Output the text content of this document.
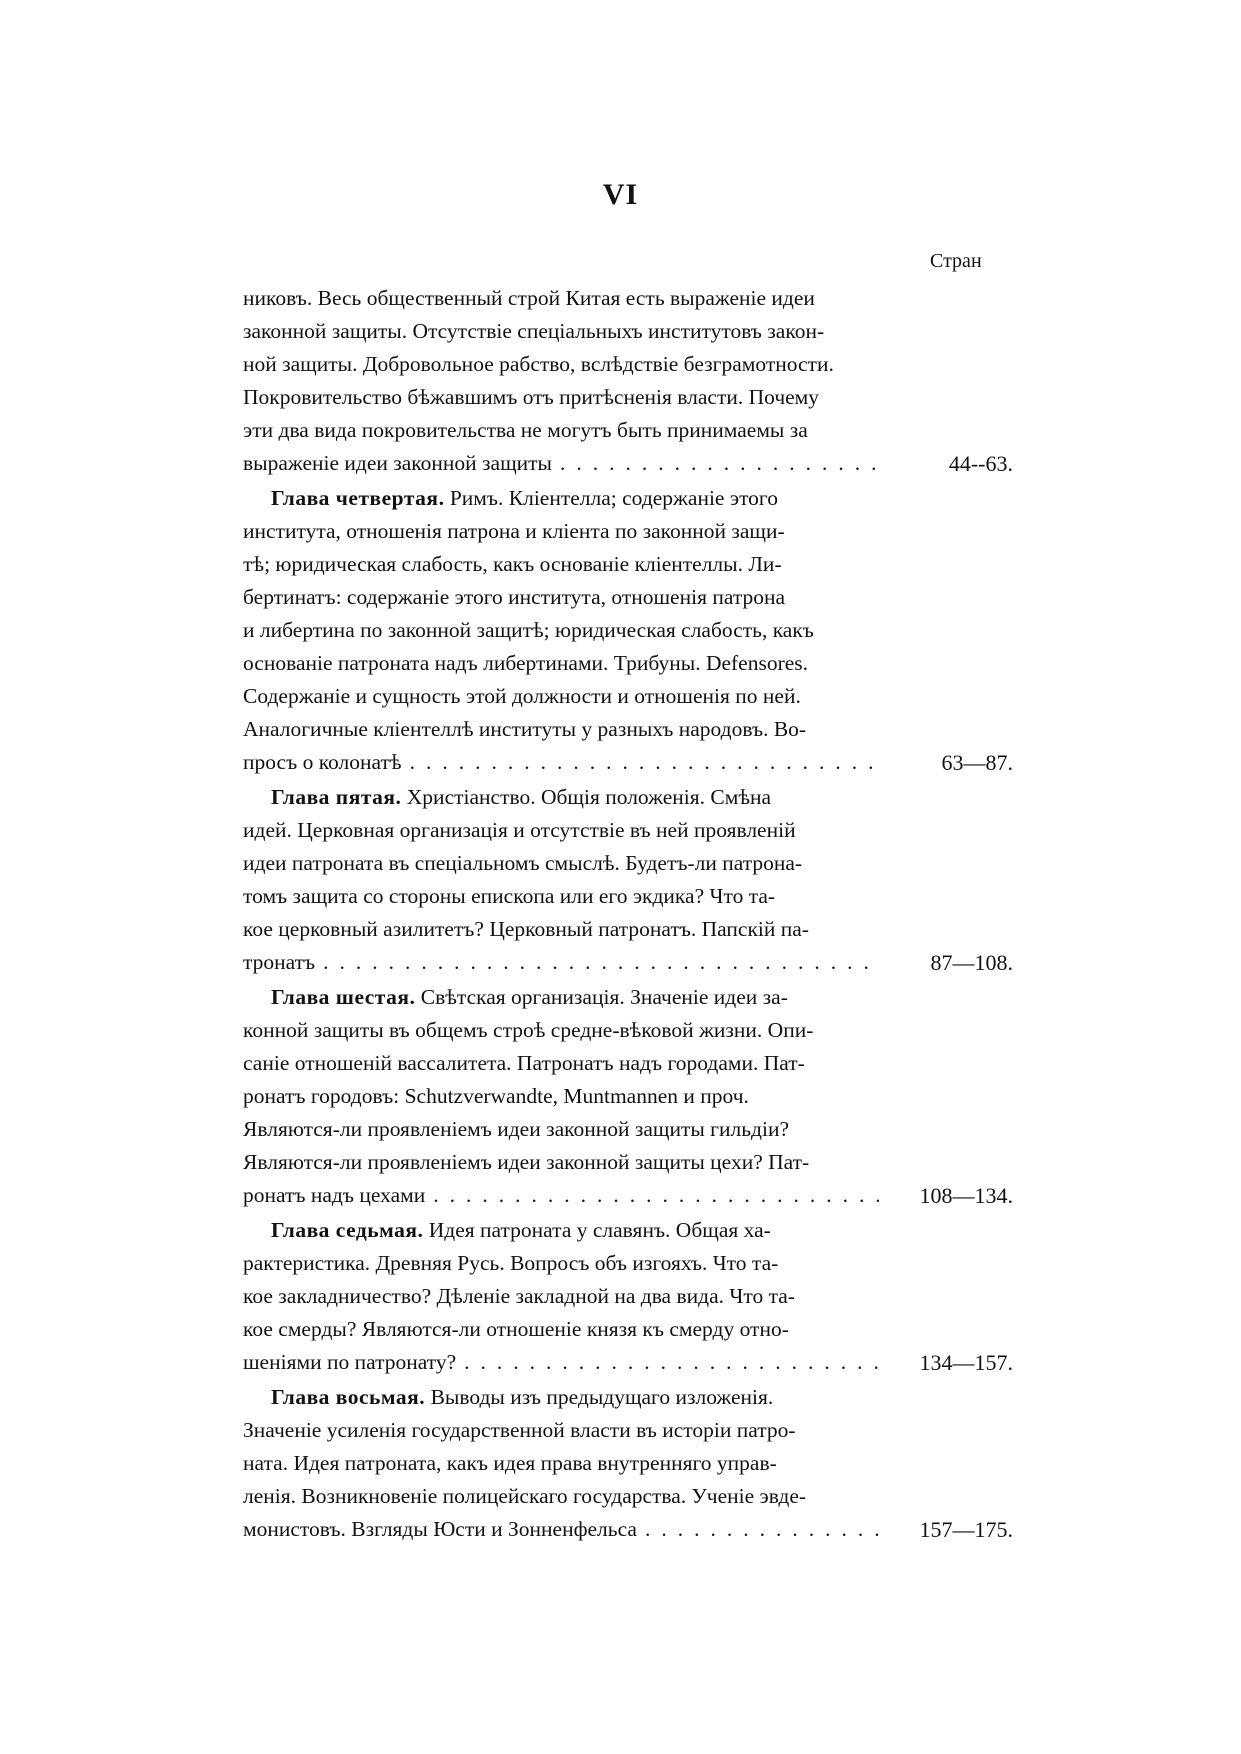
VI
Стран
никовъ. Весь общественный строй Китая есть выраженіе идеи
законной защиты. Отсутствіе спеціальныхъ институтовъ закон-
ной защиты. Добровольное рабство, вслѣдствіе безграмотности.
Покровительство бѣжавшимъ отъ притѣсненія власти. Почему
эти два вида покровительства не могутъ быть принимаемы за
выраженіе идеи законной защиты .....	44--63.
Глава четвертая. Римъ. Кліентелла; содержаніе этого
института, отношенія патрона и кліента по законной защи-
тѣ; юридическая слабость, какъ основаніе кліентеллы. Ли-
бертинатъ: содержаніе этого института, отношенія патрона
и либертина по законной защитѣ; юридическая слабость, какъ
основаніе патроната надъ либертинами. Трибуны. Defensores.
Содержаніе и сущность этой должности и отношенія по ней.
Аналогичные кліентеллѣ институты у разныхъ народовъ. Во-
просъ о колонатѣ .....	63—87.
Глава пятая. Христіанство. Общія положенія. Смѣна
идей. Церковная организація и отсутствіе въ ней проявленій
идеи патроната въ спеціальномъ смыслѣ. Будетъ-ли патрона-
томъ защита со стороны епископа или его экдика? Что та-
кое церковный азилитетъ? Церковный патронатъ. Папскій па-
тронатъ .....	87—108.
Глава шестая. Свѣтская организація. Значеніе идеи за-
конной защиты въ общемъ строѣ средне-вѣковой жизни. Опи-
саніе отношеній вассалитета. Патронатъ надъ городами. Пат-
ронатъ городовъ: Schutzverwandte, Muntmannen и проч.
Являются-ли проявленіемъ идеи законной защиты гильдіи?
Являются-ли проявленіемъ идеи законной защиты цехи? Пат-
ронатъ надъ цехами .....	108—134.
Глава седьмая. Идея патроната у славянъ. Общая ха-
рактеристика. Древняя Русь. Вопросъ объ изгояхъ. Что та-
кое закладничество? Дѣленіе закладной на два вида. Что та-
кое смерды? Являются-ли отношеніе князя къ смерду отно-
шеніями по патронату? .....	134—157.
Глава восьмая. Выводы изъ предыдущаго изложенія.
Значеніе усиленія государственной власти въ исторіи патро-
ната. Идея патроната, какъ идея права внутренняго управ-
ленія. Возникновеніе полицейскаго государства. Ученіе эвде-
монистовъ. Взгляды Юсти и Зонненфельса .....	157—175.
